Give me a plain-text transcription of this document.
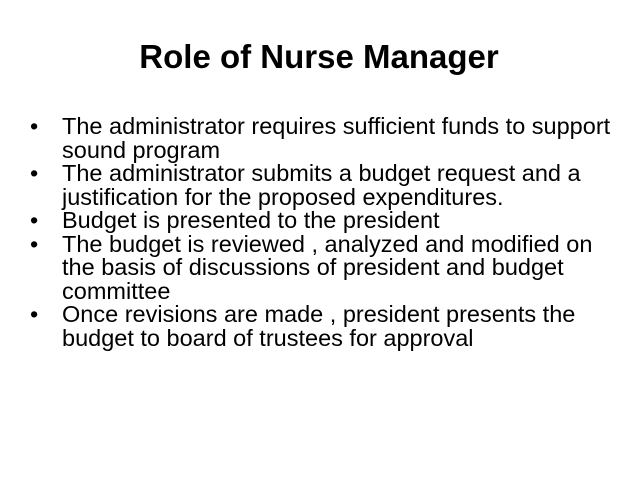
Role of Nurse Manager
•	The administrator requires sufficient funds to support sound program
•	The administrator submits a budget request and a justification for the proposed expenditures.
•	Budget is presented to the president
•	The budget is reviewed , analyzed and modified on the basis of discussions of president and budget committee
•	Once revisions are made , president presents the budget to board of trustees for approval
